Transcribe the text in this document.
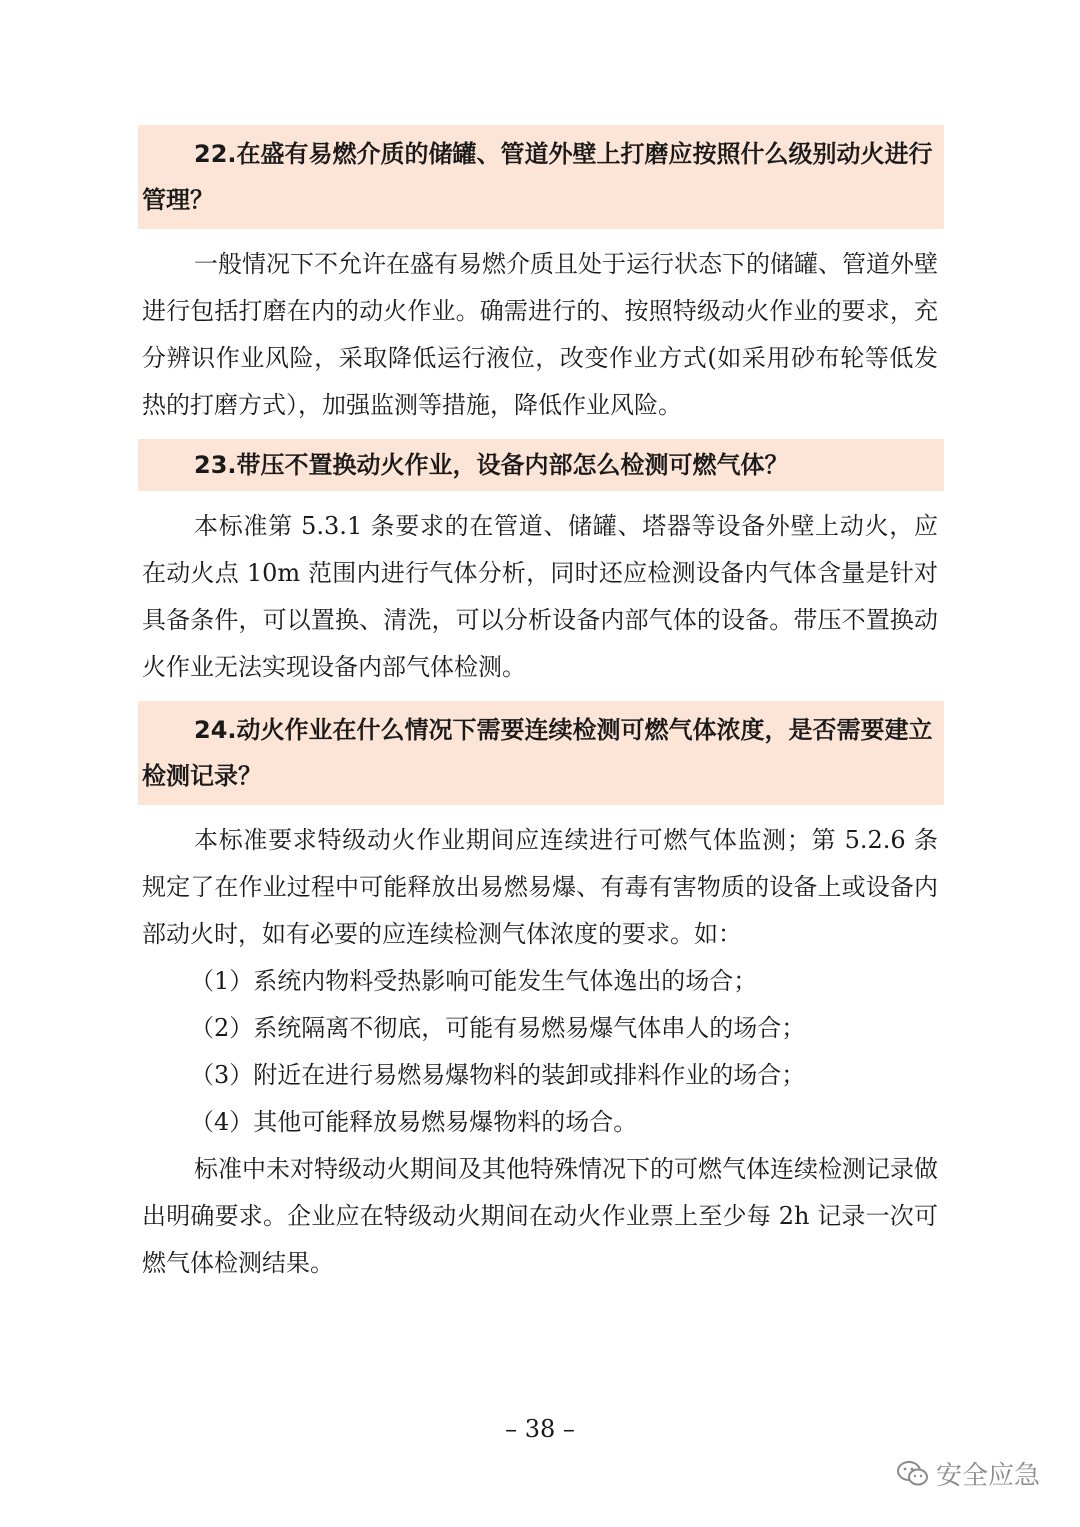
22.在盛有易燃介质的储罐、管道外壁上打磨应按照什么级别动火进行管理？

一般情况下不允许在盛有易燃介质且处于运行状态下的储罐、管道外壁进行包括打磨在内的动火作业。确需进行的、按照特级动火作业的要求，充分辨识作业风险，采取降低运行液位，改变作业方式(如采用砂布轮等低发热的打磨方式），加强监测等措施，降低作业风险。

23.带压不置换动火作业，设备内部怎么检测可燃气体？

本标准第 5.3.1 条要求的在管道、储罐、塔器等设备外壁上动火，应在动火点 10m 范围内进行气体分析，同时还应检测设备内气体含量是针对具备条件，可以置换、清洗，可以分析设备内部气体的设备。带压不置换动火作业无法实现设备内部气体检测。

24.动火作业在什么情况下需要连续检测可燃气体浓度，是否需要建立检测记录？

本标准要求特级动火作业期间应连续进行可燃气体监测；第 5.2.6 条规定了在作业过程中可能释放出易燃易爆、有毒有害物质的设备上或设备内部动火时，如有必要的应连续检测气体浓度的要求。如：

（1）系统内物料受热影响可能发生气体逸出的场合；

（2）系统隔离不彻底，可能有易燃易爆气体串人的场合；

（3）附近在进行易燃易爆物料的装卸或排料作业的场合；

（4）其他可能释放易燃易爆物料的场合。

标准中未对特级动火期间及其他特殊情况下的可燃气体连续检测记录做出明确要求。企业应在特级动火期间在动火作业票上至少每 2h 记录一次可燃气体检测结果。

– 38 –
安全应急
